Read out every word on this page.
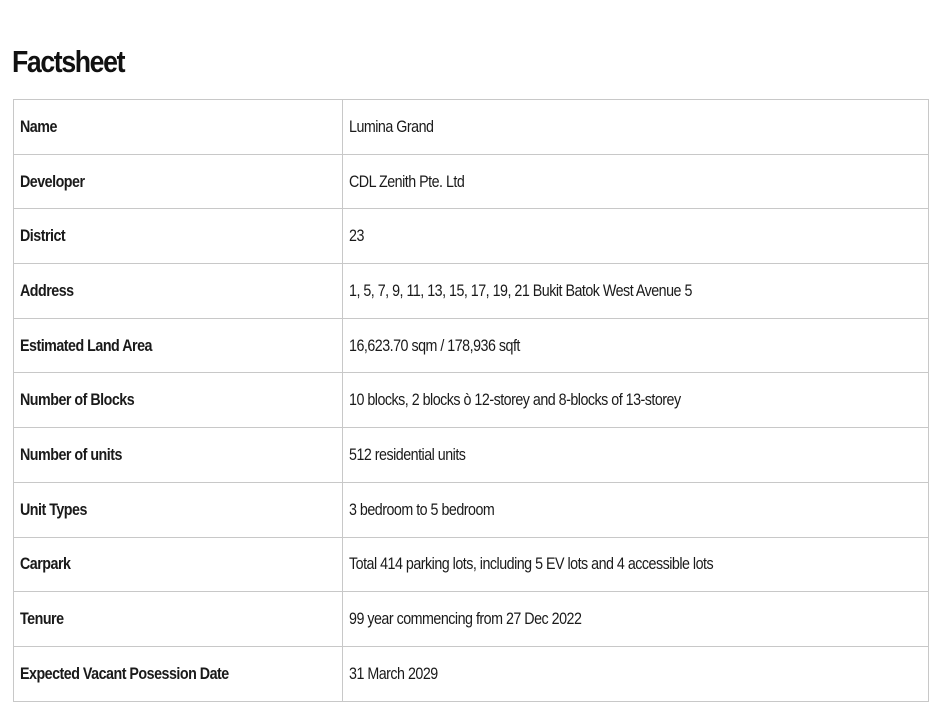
Factsheet
Name	Lumina Grand
Developer	CDL Zenith Pte. Ltd
District	23
Address	1, 5, 7, 9, 11, 13, 15, 17, 19, 21 Bukit Batok West Avenue 5
Estimated Land Area	16,623.70 sqm / 178,936 sqft
Number of Blocks	10 blocks, 2 blocks ò 12-storey and 8-blocks of 13-storey
Number of units	512 residential units
Unit Types	3 bedroom to 5 bedroom
Carpark	Total 414 parking lots, including 5 EV lots and 4 accessible lots
Tenure	99 year commencing from 27 Dec 2022
Expected Vacant Posession Date	31 March 2029
